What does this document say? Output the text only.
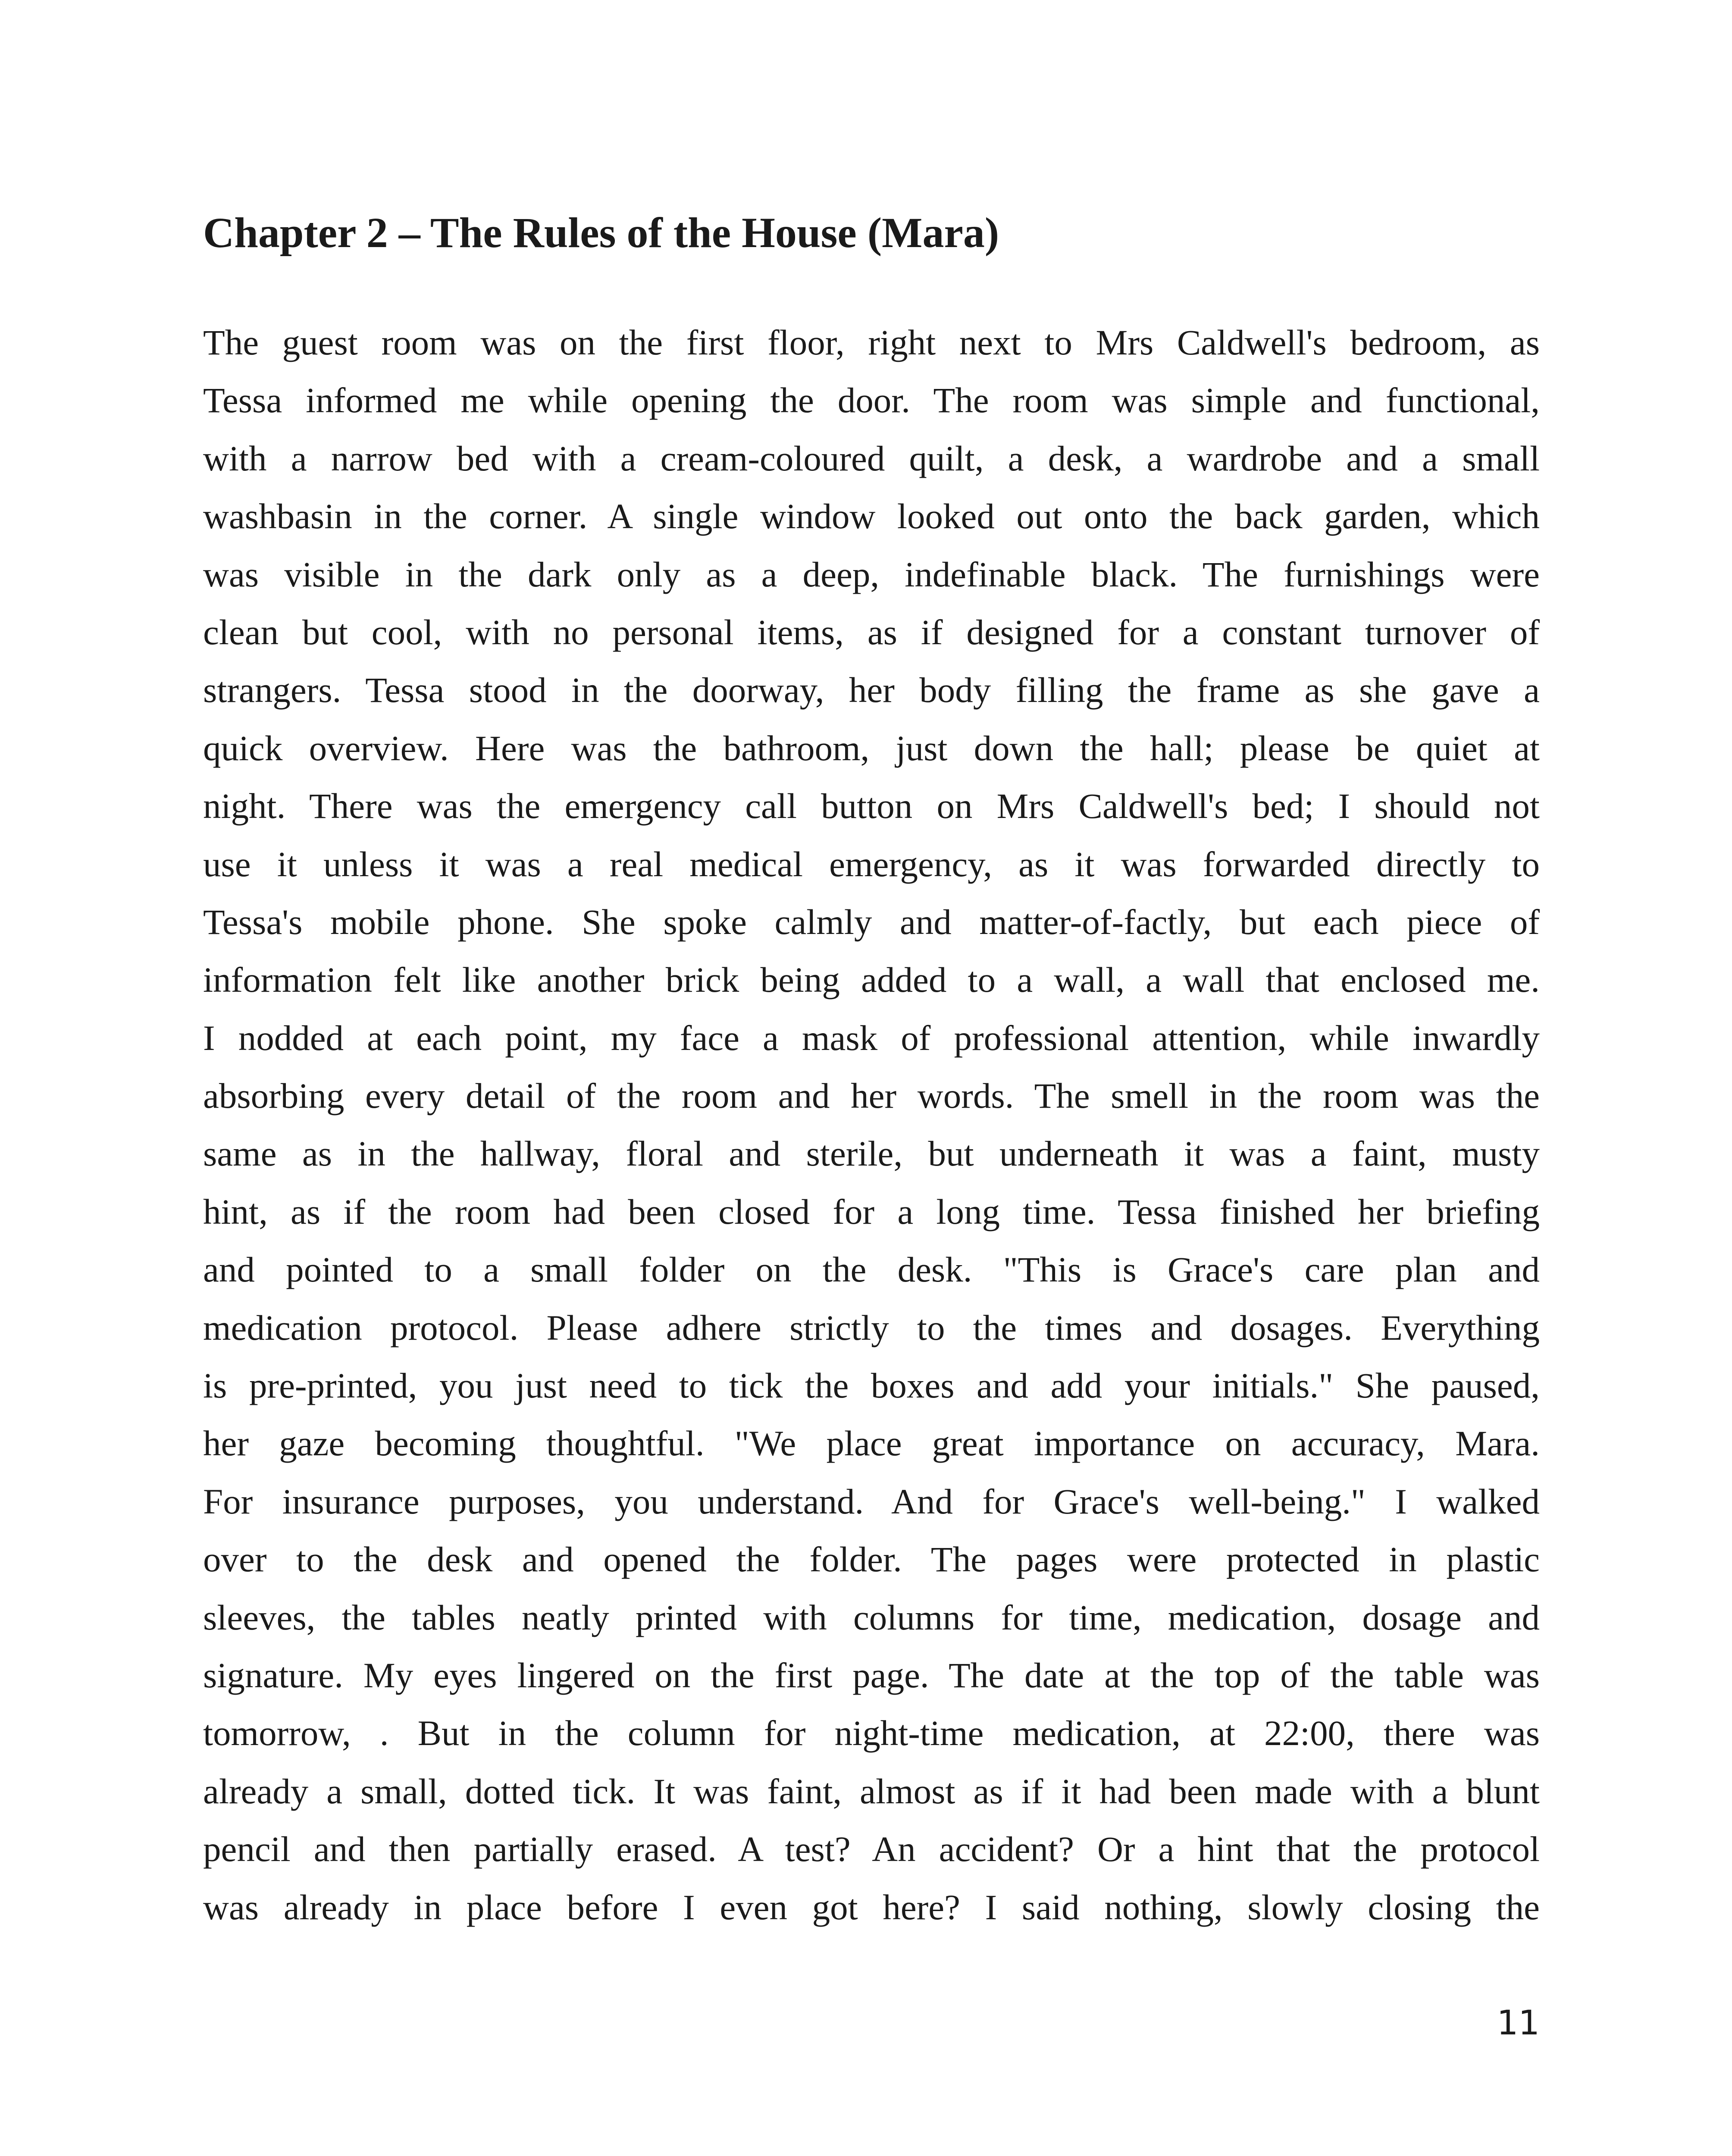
Chapter 2 – The Rules of the House (Mara)
The guest room was on the first floor, right next to Mrs Caldwell's bedroom, as
Tessa informed me while opening the door. The room was simple and functional,
with a narrow bed with a cream-coloured quilt, a desk, a wardrobe and a small
washbasin in the corner. A single window looked out onto the back garden, which
was visible in the dark only as a deep, indefinable black. The furnishings were
clean but cool, with no personal items, as if designed for a constant turnover of
strangers. Tessa stood in the doorway, her body filling the frame as she gave a
quick overview. Here was the bathroom, just down the hall; please be quiet at
night. There was the emergency call button on Mrs Caldwell's bed; I should not
use it unless it was a real medical emergency, as it was forwarded directly to
Tessa's mobile phone. She spoke calmly and matter-of-factly, but each piece of
information felt like another brick being added to a wall, a wall that enclosed me.
I nodded at each point, my face a mask of professional attention, while inwardly
absorbing every detail of the room and her words. The smell in the room was the
same as in the hallway, floral and sterile, but underneath it was a faint, musty
hint, as if the room had been closed for a long time. Tessa finished her briefing
and pointed to a small folder on the desk. "This is Grace's care plan and
medication protocol. Please adhere strictly to the times and dosages. Everything
is pre-printed, you just need to tick the boxes and add your initials." She paused,
her gaze becoming thoughtful. "We place great importance on accuracy, Mara.
For insurance purposes, you understand. And for Grace's well-being." I walked
over to the desk and opened the folder. The pages were protected in plastic
sleeves, the tables neatly printed with columns for time, medication, dosage and
signature. My eyes lingered on the first page. The date at the top of the table was
tomorrow, . But in the column for night-time medication, at 22:00, there was
already a small, dotted tick. It was faint, almost as if it had been made with a blunt
pencil and then partially erased. A test? An accident? Or a hint that the protocol
was already in place before I even got here? I said nothing, slowly closing the

11
